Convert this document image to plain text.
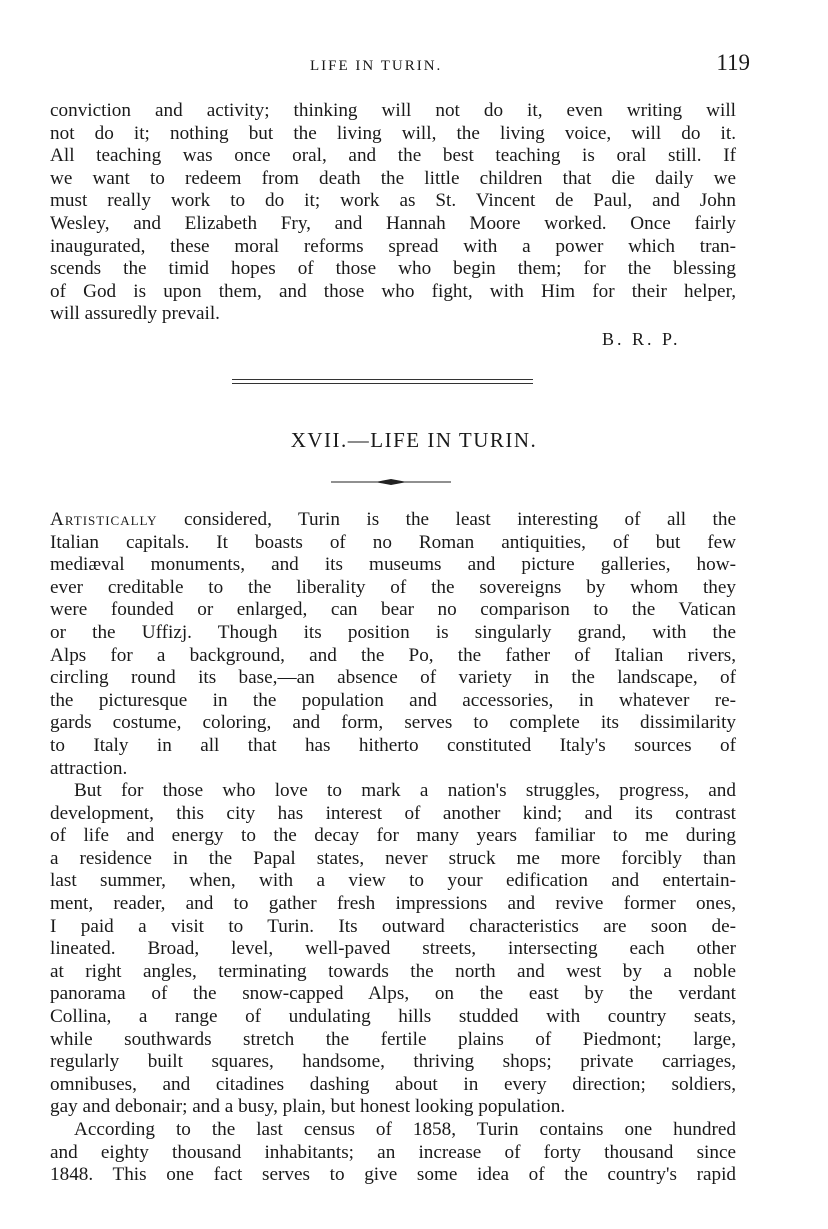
LIFE IN TURIN.	119
conviction and activity; thinking will not do it, even writing will
not do it; nothing but the living will, the living voice, will do it.
All teaching was once oral, and the best teaching is oral still. If
we want to redeem from death the little children that die daily we
must really work to do it; work as St. Vincent de Paul, and John
Wesley, and Elizabeth Fry, and Hannah Moore worked. Once fairly
inaugurated, these moral reforms spread with a power which tran-
scends the timid hopes of those who begin them; for the blessing
of God is upon them, and those who fight, with Him for their helper,
will assuredly prevail.
B. R. P.
XVII.—LIFE IN TURIN.
Artistically considered, Turin is the least interesting of all the
Italian capitals. It boasts of no Roman antiquities, of but few
mediæval monuments, and its museums and picture galleries, how-
ever creditable to the liberality of the sovereigns by whom they
were founded or enlarged, can bear no comparison to the Vatican
or the Uffizj. Though its position is singularly grand, with the
Alps for a background, and the Po, the father of Italian rivers,
circling round its base,—an absence of variety in the landscape, of
the picturesque in the population and accessories, in whatever re-
gards costume, coloring, and form, serves to complete its dissimilarity
to Italy in all that has hitherto constituted Italy's sources of
attraction.
But for those who love to mark a nation's struggles, progress, and
development, this city has interest of another kind; and its contrast
of life and energy to the decay for many years familiar to me during
a residence in the Papal states, never struck me more forcibly than
last summer, when, with a view to your edification and entertain-
ment, reader, and to gather fresh impressions and revive former ones,
I paid a visit to Turin. Its outward characteristics are soon de-
lineated. Broad, level, well-paved streets, intersecting each other
at right angles, terminating towards the north and west by a noble
panorama of the snow-capped Alps, on the east by the verdant
Collina, a range of undulating hills studded with country seats,
while southwards stretch the fertile plains of Piedmont; large,
regularly built squares, handsome, thriving shops; private carriages,
omnibuses, and citadines dashing about in every direction; soldiers,
gay and debonair; and a busy, plain, but honest looking population.
According to the last census of 1858, Turin contains one hundred
and eighty thousand inhabitants; an increase of forty thousand since
1848. This one fact serves to give some idea of the country's rapid
